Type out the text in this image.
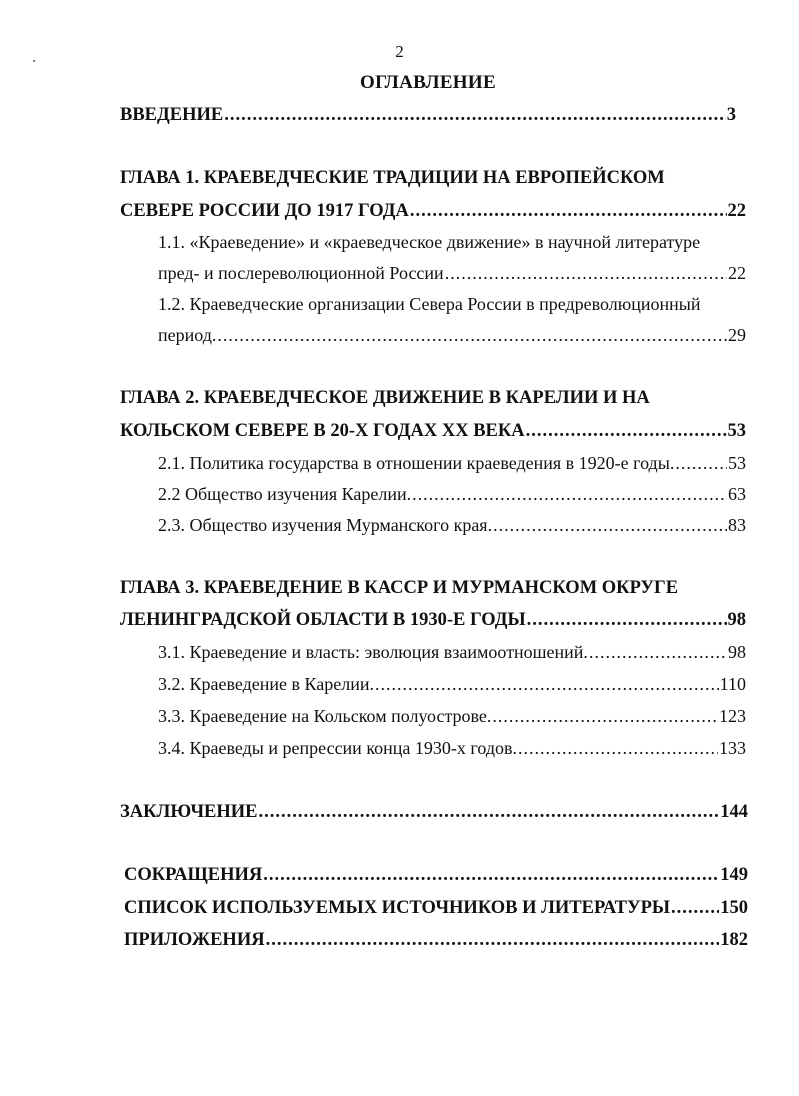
2
ОГЛАВЛЕНИЕ
ВВЕДЕНИЕ .....	3
ГЛАВА 1. КРАЕВЕДЧЕСКИЕ ТРАДИЦИИ НА ЕВРОПЕЙСКОМ
СЕВЕРЕ РОССИИ ДО 1917 ГОДА .....	22
1.1. «Краеведение» и «краеведческое движение» в научной литературе
пред- и послереволюционной России .....	22
1.2. Краеведческие организации Севера России в предреволюционный
период. .....	29
ГЛАВА 2. КРАЕВЕДЧЕСКОЕ ДВИЖЕНИЕ В КАРЕЛИИ И НА
КОЛЬСКОМ СЕВЕРЕ В 20-Х ГОДАХ XX ВЕКА .....	53
2.1. Политика государства в отношении краеведения в 1920-е годы. .....	53
2.2 Общество изучения Карелии. .....	63
2.3. Общество изучения Мурманского края. .....	83
ГЛАВА 3. КРАЕВЕДЕНИЕ В КАССР И МУРМАНСКОМ ОКРУГЕ
ЛЕНИНГРАДСКОЙ ОБЛАСТИ В 1930-Е ГОДЫ .....	98
3.1. Краеведение и власть: эволюция взаимоотношений. .....	98
3.2. Краеведение в Карелии. .....	110
3.3. Краеведение на Кольском полуострове. .....	123
3.4. Краеведы и репрессии конца 1930-х годов. .....	133
ЗАКЛЮЧЕНИЕ .....	144
СОКРАЩЕНИЯ .....	149
СПИСОК ИСПОЛЬЗУЕМЫХ ИСТОЧНИКОВ И ЛИТЕРАТУРЫ .....	150
ПРИЛОЖЕНИЯ .....	182
